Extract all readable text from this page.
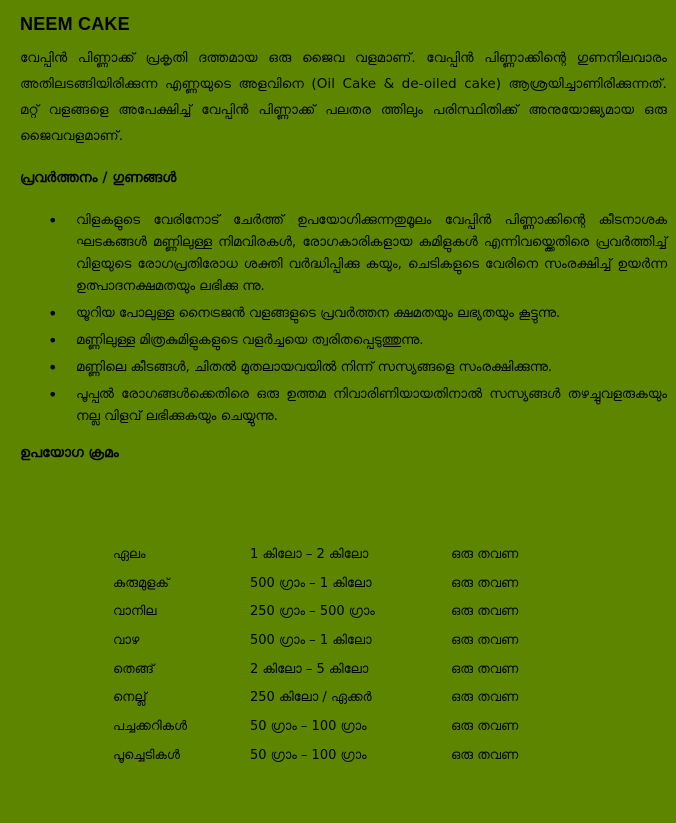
NEEM CAKE

വേപ്പിൻ പിണ്ണാക്ക് പ്രകൃതി ദത്തമായ ഒരു ജൈവ വളമാണ്. വേപ്പിൻ പിണ്ണാക്കിന്റെ ഗുണനിലവാരം അതിലടങ്ങിയിരിക്കുന്ന എണ്ണയുടെ അളവിനെ (Oil Cake & de-oiled cake) ആശ്രയിച്ചാണിരിക്കുന്നത്. മറ്റ് വളങ്ങളെ അപേക്ഷിച്ച് വേപ്പിൻ പിണ്ണാക്ക് പലതര ത്തിലും പരിസ്ഥിതിക്ക് അനുയോജ്യമായ ഒരു ജൈവവളമാണ്.

പ്രവർത്തനം / ഗുണങ്ങൾ
• വിളകളുടെ വേരിനോട് ചേർത്ത് ഉപയോഗിക്കുന്നതുമൂലം വേപ്പിൻ പിണ്ണാക്കിന്റെ കീടനാശക ഘടകങ്ങൾ മണ്ണിലുള്ള നിമവിരകൾ, രോഗകാരികളായ കുമിളുകൾ എന്നിവയ്ക്കെതിരെ പ്രവർത്തിച്ച് വിളയുടെ രോഗപ്രതിരോധ ശക്തി വർദ്ധിപ്പിക്കു കയും, ചെടികളുടെ വേരിനെ സംരക്ഷിച്ച് ഉയർന്ന ഉത്പാദനക്ഷമതയും ലഭിക്കു ന്നു.
• യൂറിയ പോലുള്ള നൈട്രജൻ വളങ്ങളുടെ പ്രവർത്തന ക്ഷമതയും ലഭ്യതയും കൂട്ടുന്നു.
• മണ്ണിലുള്ള മിത്രകുമിളുകളുടെ വളർച്ചയെ ത്വരിതപ്പെടുത്തുന്നു.
• മണ്ണിലെ കീടങ്ങൾ, ചിതൽ മുതലായവയിൽ നിന്ന് സസ്യങ്ങളെ സംരക്ഷിക്കുന്നു.
• പൂപ്പൽ രോഗങ്ങൾക്കെതിരെ ഒരു ഉത്തമ നിവാരിണിയായതിനാൽ സസ്യങ്ങൾ തഴച്ചുവളരുകയും നല്ല വിളവ് ലഭിക്കുകയും ചെയ്യുന്നു.
ഉപയോഗ ക്രമം
ഏലം	1 കിലോ – 2 കിലോ	ഒരു തവണ
കുരുമുളക്	500 ഗ്രാം – 1 കിലോ	ഒരു തവണ
വാനില	250 ഗ്രാം – 500 ഗ്രാം	ഒരു തവണ
വാഴ	500 ഗ്രാം – 1 കിലോ	ഒരു തവണ
തെങ്ങ്	2 കിലോ – 5 കിലോ	ഒരു തവണ
നെല്ല്	250 കിലോ / ഏക്കർ	ഒരു തവണ
പച്ചക്കറികൾ	50 ഗ്രാം – 100 ഗ്രാം	ഒരു തവണ
പൂച്ചെടികൾ	50 ഗ്രാം – 100 ഗ്രാം	ഒരു തവണ
